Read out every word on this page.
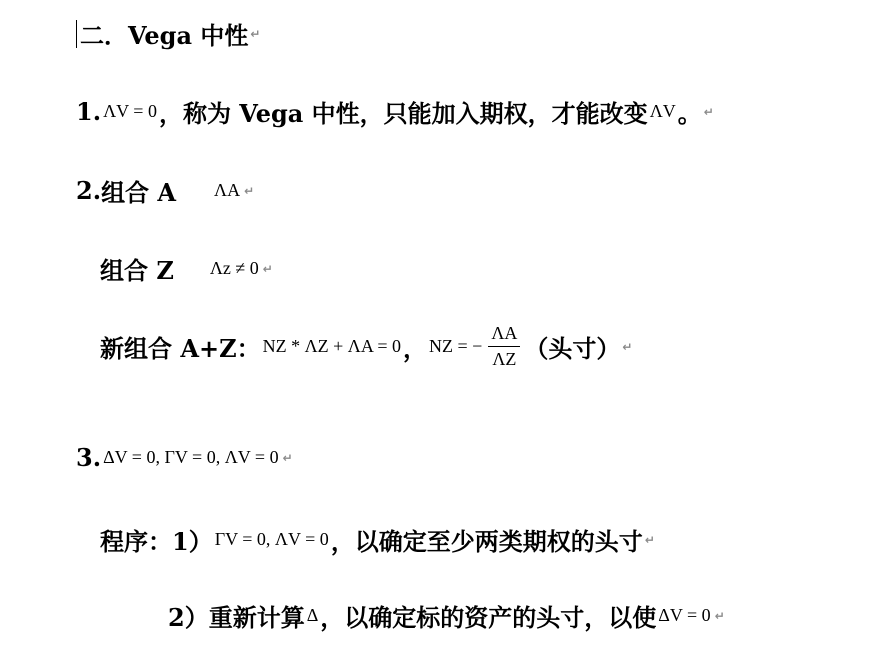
二．Vega 中性 ↵
1. ΛV = 0 ，称为 Vega 中性，只能加入期权，才能改变 ΛV 。 ↵
2. 组合 A ΛA ↵
组合 Z Λz ≠ 0 ↵
新组合 A+Z： NZ * ΛZ + ΛA = 0 ， NZ = − $\frac{\Lambda A}{\Lambda Z}$ （头寸） ↵
3. ΔV = 0, ΓV = 0, ΛV = 0 ↵
程序：1） ΓV = 0, ΛV = 0 ，以确定至少两类期权的头寸 ↵
2）重新计算 Δ ，以确定标的资产的头寸，以使 ΔV = 0 ↵
